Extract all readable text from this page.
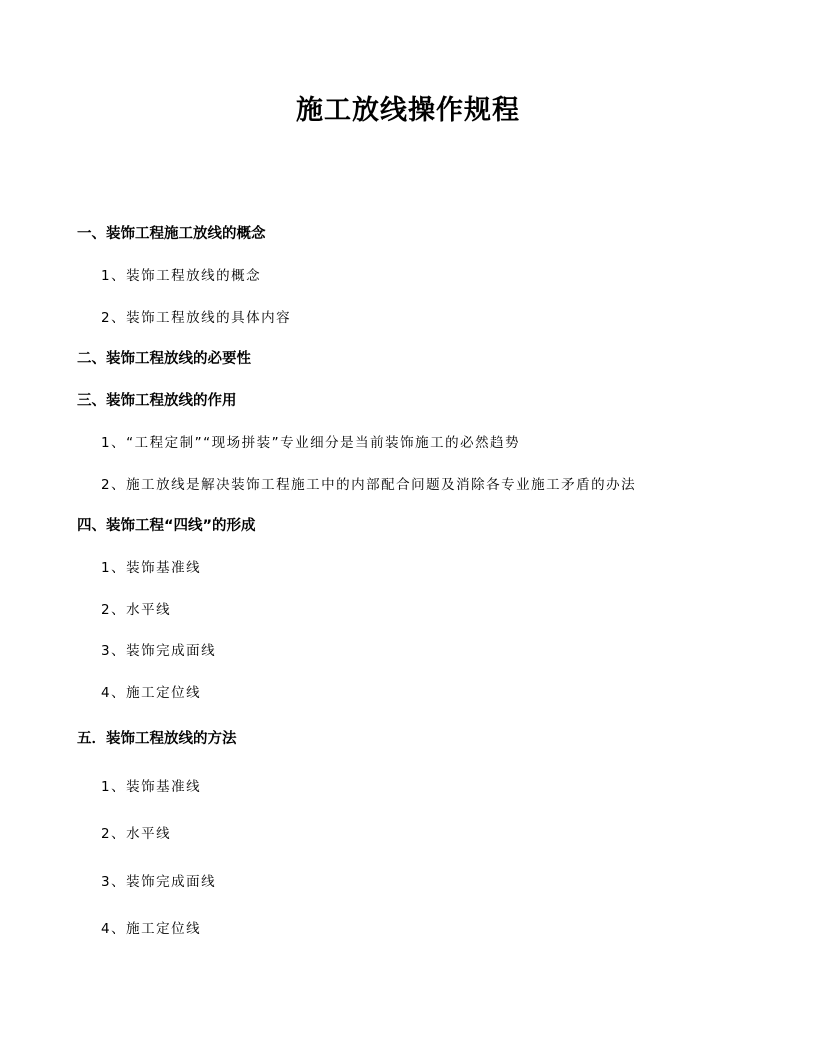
施工放线操作规程
一、装饰工程施工放线的概念
1、装饰工程放线的概念
2、装饰工程放线的具体内容
二、装饰工程放线的必要性
三、装饰工程放线的作用
1、“工程定制”“现场拼装”专业细分是当前装饰施工的必然趋势
2、施工放线是解决装饰工程施工中的内部配合问题及消除各专业施工矛盾的办法
四、装饰工程“四线”的形成
1、装饰基准线
2、水平线
3、装饰完成面线
4、施工定位线
五．装饰工程放线的方法
1、装饰基准线
2、水平线
3、装饰完成面线
4、施工定位线
